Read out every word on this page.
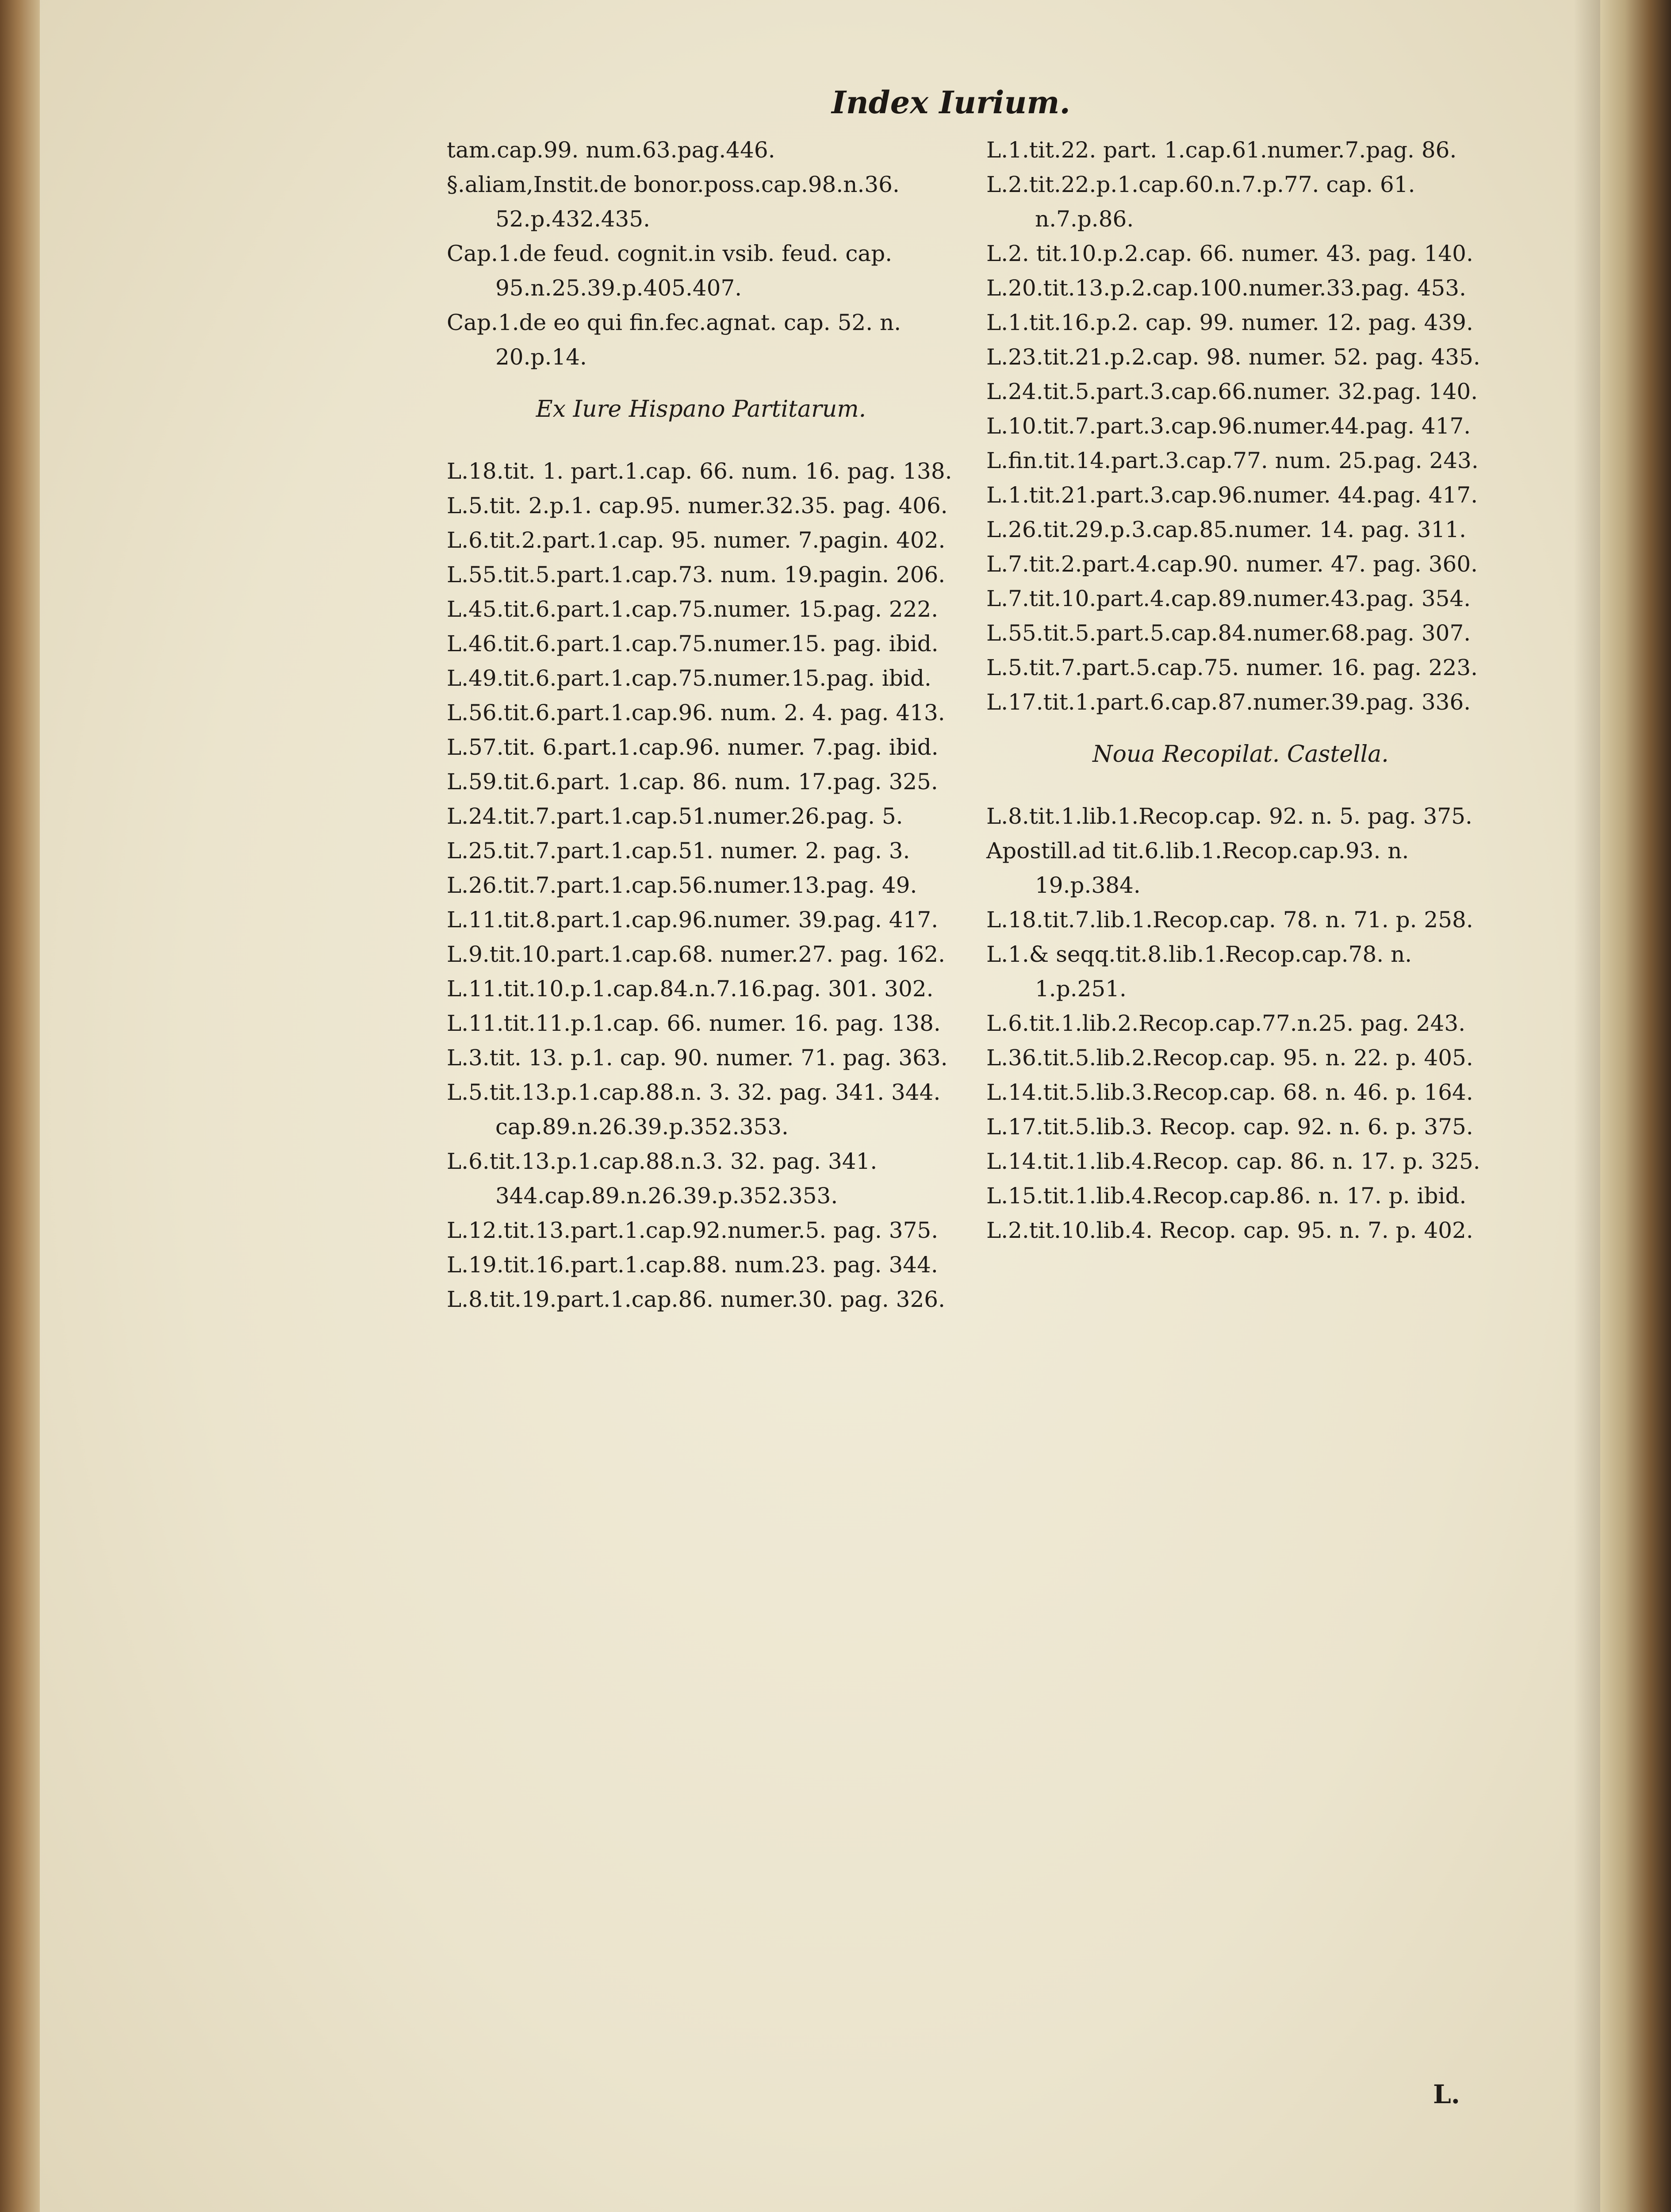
Index Iurium.
tam.cap.99. num.63.pag.446.
§.aliam,Instit.de bonor.poss.cap.98.n.36. 52.p.432.435.
Cap.1.de feud. cognit.in vsib. feud. cap. 95.n.25.39.p.405.407.
Cap.1.de eo qui fin.fec.agnat. cap. 52. n. 20.p.14.
Ex Iure Hispano Partitarum.
L.18.tit. 1. part.1.cap. 66. num. 16. pag. 138.
L.5.tit. 2.p.1. cap.95. numer.32.35. pag. 406.
L.6.tit.2.part.1.cap. 95. numer. 7.pagin. 402.
L.55.tit.5.part.1.cap.73. num. 19.pagin. 206.
L.45.tit.6.part.1.cap.75.numer. 15.pag. 222.
L.46.tit.6.part.1.cap.75.numer.15. pag. ibid.
L.49.tit.6.part.1.cap.75.numer.15.pag. ibid.
L.56.tit.6.part.1.cap.96. num. 2. 4. pag. 413.
L.57.tit. 6.part.1.cap.96. numer. 7.pag. ibid.
L.59.tit.6.part. 1.cap. 86. num. 17.pag. 325.
L.24.tit.7.part.1.cap.51.numer.26.pag. 5.
L.25.tit.7.part.1.cap.51. numer. 2. pag. 3.
L.26.tit.7.part.1.cap.56.numer.13.pag. 49.
L.11.tit.8.part.1.cap.96.numer. 39.pag. 417.
L.9.tit.10.part.1.cap.68. numer.27. pag. 162.
L.11.tit.10.p.1.cap.84.n.7.16.pag. 301. 302.
L.11.tit.11.p.1.cap. 66. numer. 16. pag. 138.
L.3.tit. 13. p.1. cap. 90. numer. 71. pag. 363.
L.5.tit.13.p.1.cap.88.n. 3. 32. pag. 341. 344. cap.89.n.26.39.p.352.353.
L.6.tit.13.p.1.cap.88.n.3. 32. pag. 341. 344.cap.89.n.26.39.p.352.353.
L.12.tit.13.part.1.cap.92.numer.5. pag. 375.
L.19.tit.16.part.1.cap.88. num.23. pag. 344.
L.8.tit.19.part.1.cap.86. numer.30. pag. 326.
L.1.tit.22. part. 1.cap.61.numer.7.pag. 86.
L.2.tit.22.p.1.cap.60.n.7.p.77. cap. 61. n.7.p.86.
L.2. tit.10.p.2.cap. 66. numer. 43. pag. 140.
L.20.tit.13.p.2.cap.100.numer.33.pag. 453.
L.1.tit.16.p.2. cap. 99. numer. 12. pag. 439.
L.23.tit.21.p.2.cap. 98. numer. 52. pag. 435.
L.24.tit.5.part.3.cap.66.numer. 32.pag. 140.
L.10.tit.7.part.3.cap.96.numer.44.pag. 417.
L.fin.tit.14.part.3.cap.77. num. 25.pag. 243.
L.1.tit.21.part.3.cap.96.numer. 44.pag. 417.
L.26.tit.29.p.3.cap.85.numer. 14. pag. 311.
L.7.tit.2.part.4.cap.90. numer. 47. pag. 360.
L.7.tit.10.part.4.cap.89.numer.43.pag. 354.
L.55.tit.5.part.5.cap.84.numer.68.pag. 307.
L.5.tit.7.part.5.cap.75. numer. 16. pag. 223.
L.17.tit.1.part.6.cap.87.numer.39.pag. 336.
Noua Recopilat. Castella.
L.8.tit.1.lib.1.Recop.cap. 92. n. 5. pag. 375.
Apostill.ad tit.6.lib.1.Recop.cap.93. n. 19.p.384.
L.18.tit.7.lib.1.Recop.cap. 78. n. 71. p. 258.
L.1.& seqq.tit.8.lib.1.Recop.cap.78. n. 1.p.251.
L.6.tit.1.lib.2.Recop.cap.77.n.25. pag. 243.
L.36.tit.5.lib.2.Recop.cap. 95. n. 22. p. 405.
L.14.tit.5.lib.3.Recop.cap. 68. n. 46. p. 164.
L.17.tit.5.lib.3. Recop. cap. 92. n. 6. p. 375.
L.14.tit.1.lib.4.Recop. cap. 86. n. 17. p. 325.
L.15.tit.1.lib.4.Recop.cap.86. n. 17. p. ibid.
L.2.tit.10.lib.4. Recop. cap. 95. n. 7. p. 402.
L.
